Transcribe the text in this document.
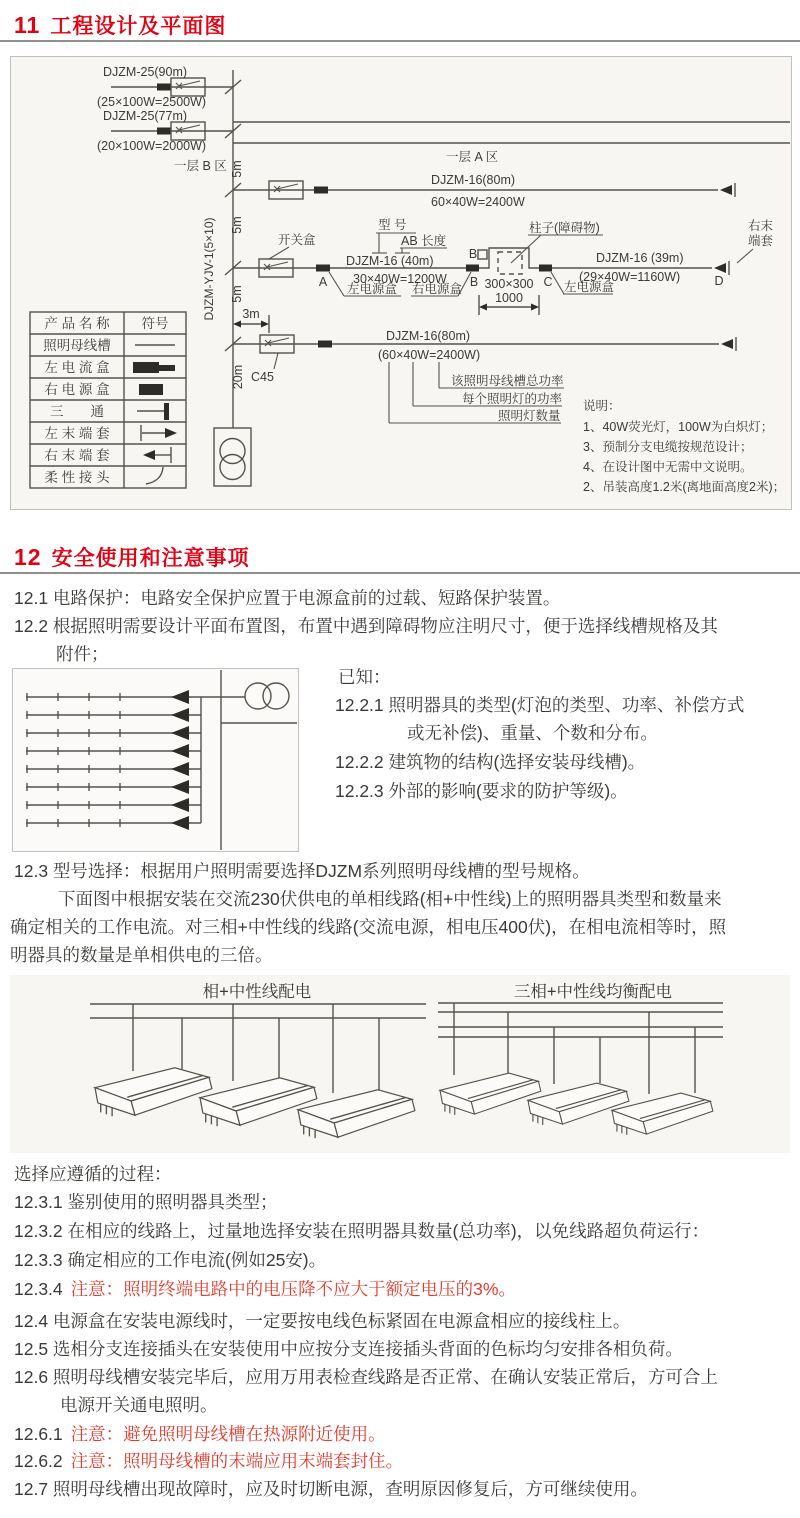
11 工程设计及平面图
DJZM-25(90m)
(25×100W=2500W)
DJZM-25(77m)
(20×100W=2000W)
一层 A 区
一层 B 区 5m
5m
5m
DJZM-YJV-1(5×10)
DJZM-16(80m)
60×40W=2400W
型 号
AB 长度
开关盒
A	B	C
B
DJZM-16 (40m)
30×40W=1200W
左电源盒 右电源盒	左电源盒
柱子(障碍物)
300×300
1000
DJZM-16 (39m)
(29×40W=1160W)	D
右末
端套
3m
DJZM-16(80m)
(60×40W=2400W)
C45
20m	该照明母线槽总功率
每个照明灯的功率
照明灯数量
说明：
1、40W荧光灯，100W为白炽灯；
3、预制分支电缆按规范设计；
4、在设计图中无需中文说明。
2、吊装高度1.2米(离地面高度2米)；
产 品 名 称 符号
照明母线槽
左 电 流 盒
右 电 源 盒
三　　通
左 末 端 套
右 末 端 套
柔 性 接 头
12 安全使用和注意事项
12.1 电路保护：电路安全保护应置于电源盒前的过载、短路保护装置。
12.2 根据照明需要设计平面布置图，布置中遇到障碍物应注明尺寸，便于选择线槽规格及其
附件；
已知：
12.2.1 照明器具的类型(灯泡的类型、功率、补偿方式
或无补偿)、重量、个数和分布。
12.2.2 建筑物的结构(选择安装母线槽)。
12.2.3 外部的影响(要求的防护等级)。
12.3 型号选择：根据用户照明需要选择DJZM系列照明母线槽的型号规格。
下面图中根据安装在交流230伏供电的单相线路(相+中性线)上的照明器具类型和数量来
确定相关的工作电流。对三相+中性线的线路(交流电源，相电压400伏)，在相电流相等时，照
明器具的数量是单相供电的三倍。
相+中性线配电	三相+中性线均衡配电
选择应遵循的过程：
12.3.1 鉴别使用的照明器具类型；
12.3.2 在相应的线路上，过量地选择安装在照明器具数量(总功率)，以免线路超负荷运行：
12.3.3 确定相应的工作电流(例如25安)。
12.3.4 注意：照明终端电路中的电压降不应大于额定电压的3%。
12.4 电源盒在安装电源线时，一定要按电线色标紧固在电源盒相应的接线柱上。
12.5 选相分支连接插头在安装使用中应按分支连接插头背面的色标均匀安排各相负荷。
12.6 照明母线槽安装完毕后，应用万用表检查线路是否正常、在确认安装正常后，方可合上
电源开关通电照明。
12.6.1 注意：避免照明母线槽在热源附近使用。
12.6.2 注意：照明母线槽的末端应用末端套封住。
12.7 照明母线槽出现故障时，应及时切断电源，查明原因修复后，方可继续使用。
